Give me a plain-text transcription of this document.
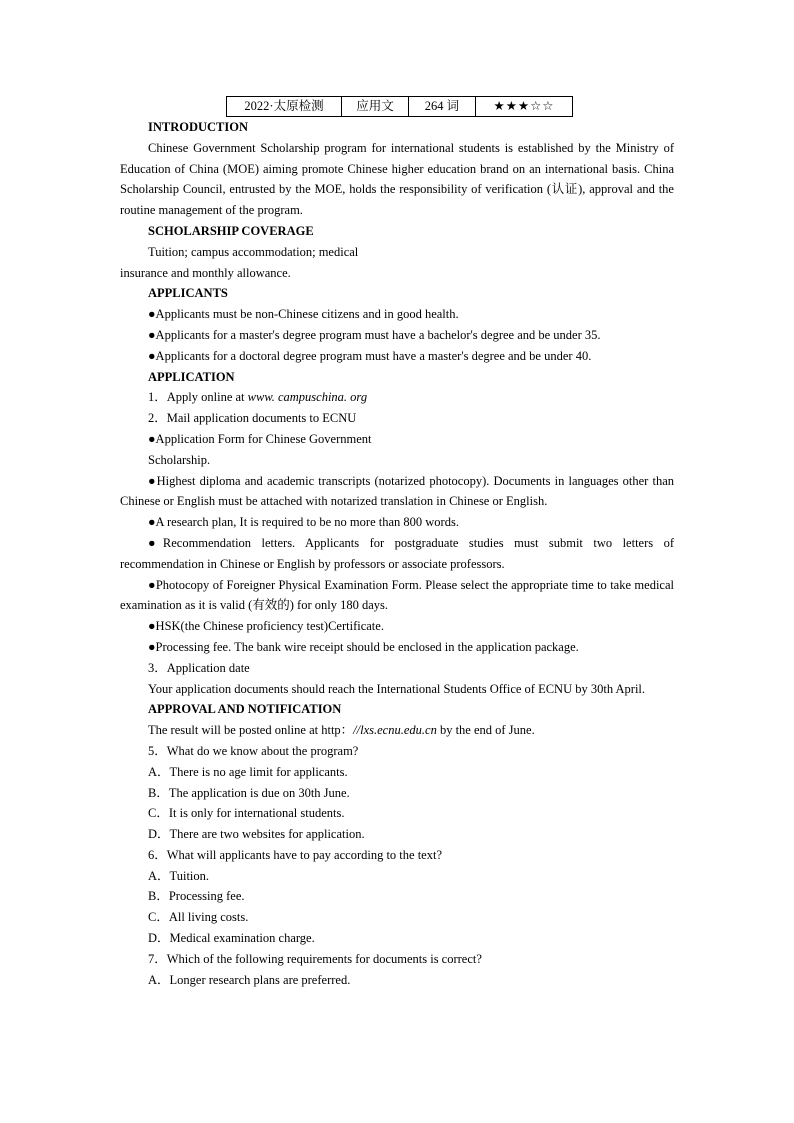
2022·太原检测	应用文	264 词	★★★☆☆
INTRODUCTION
Chinese Government Scholarship program for international students is established by the Ministry of Education of China (MOE) aiming promote Chinese higher education brand on an international basis. China Scholarship Council, entrusted by the MOE, holds the responsibility of verification (认证), approval and the routine management of the program.
SCHOLARSHIP COVERAGE
Tuition; campus accommodation; medical
insurance and monthly allowance.
APPLICANTS
●Applicants must be non-Chinese citizens and in good health.
●Applicants for a master's degree program must have a bachelor's degree and be under 35.
●Applicants for a doctoral degree program must have a master's degree and be under 40.
APPLICATION
1．Apply online at www. campuschina. org
2．Mail application documents to ECNU
●Application Form for Chinese Government
Scholarship.
●Highest diploma and academic transcripts (notarized photocopy). Documents in languages other than Chinese or English must be attached with notarized translation in Chinese or English.
●A research plan, It is required to be no more than 800 words.
●Recommendation letters. Applicants for postgraduate studies must submit two letters of recommendation in Chinese or English by professors or associate professors.
●Photocopy of Foreigner Physical Examination Form. Please select the appropriate time to take medical examination as it is valid (有效的) for only 180 days.
●HSK(the Chinese proficiency test)Certificate.
●Processing fee. The bank wire receipt should be enclosed in the application package.
3．Application date
Your application documents should reach the International Students Office of ECNU by 30th April.
APPROVAL AND NOTIFICATION
The result will be posted online at http：//lxs.ecnu.edu.cn by the end of June.
5．What do we know about the program?
A．There is no age limit for applicants.
B．The application is due on 30th June.
C．It is only for international students.
D．There are two websites for application.
6．What will applicants have to pay according to the text?
A．Tuition.
B．Processing fee.
C．All living costs.
D．Medical examination charge.
7．Which of the following requirements for documents is correct?
A．Longer research plans are preferred.
